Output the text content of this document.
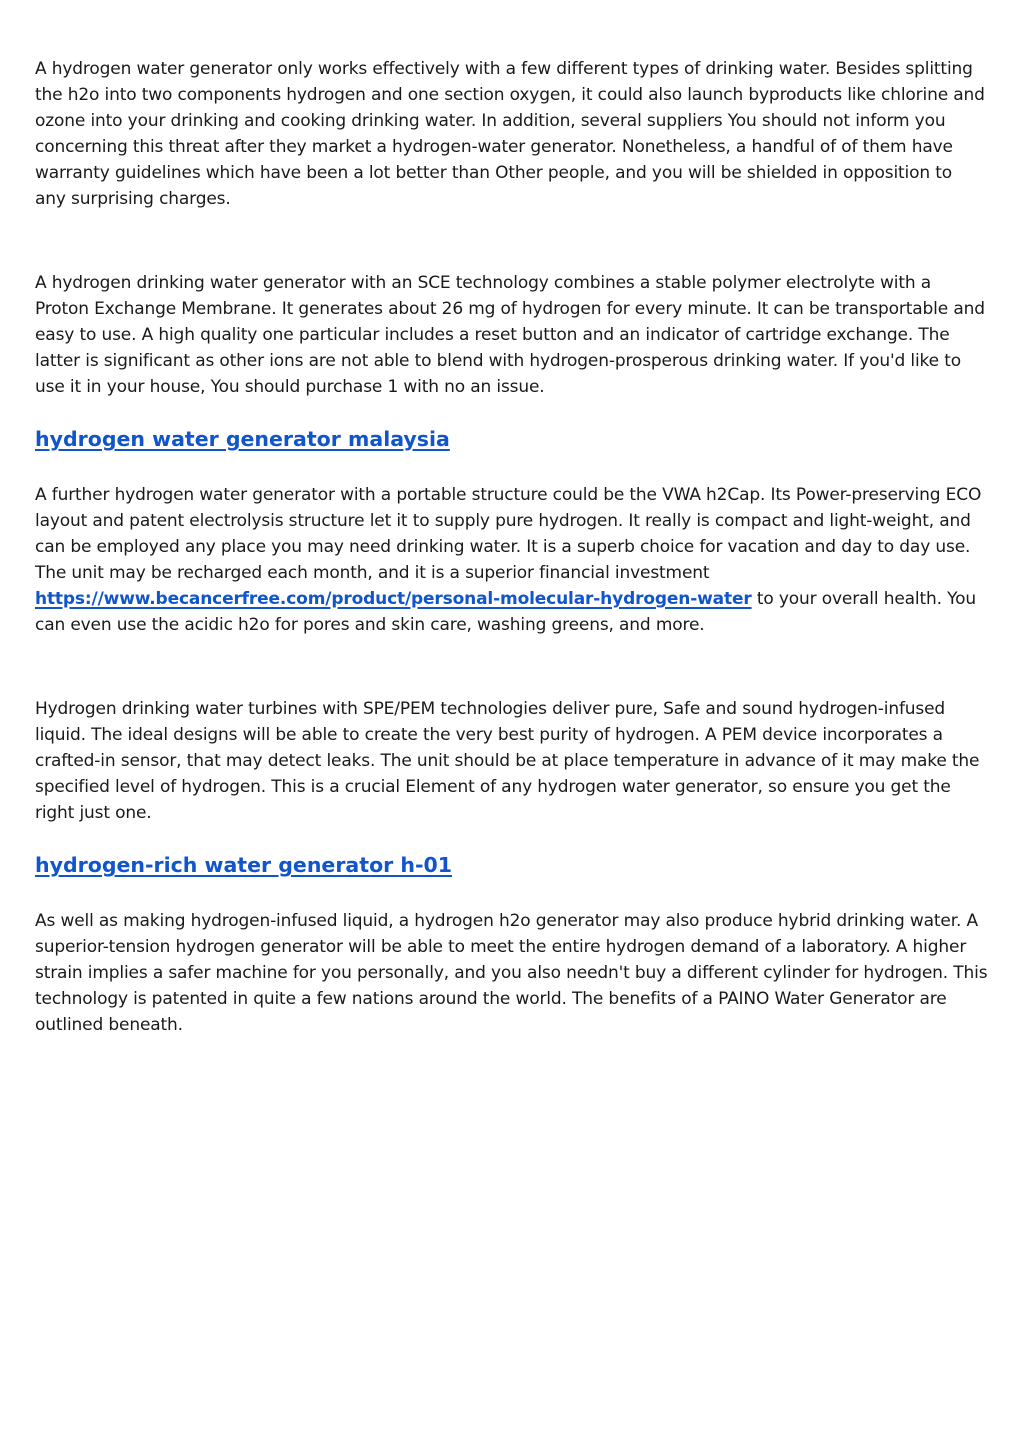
A hydrogen water generator only works effectively with a few different types of drinking water. Besides splitting the h2o into two components hydrogen and one section oxygen, it could also launch byproducts like chlorine and ozone into your drinking and cooking drinking water. In addition, several suppliers You should not inform you concerning this threat after they market a hydrogen-water generator. Nonetheless, a handful of of them have warranty guidelines which have been a lot better than Other people, and you will be shielded in opposition to any surprising charges.

A hydrogen drinking water generator with an SCE technology combines a stable polymer electrolyte with a Proton Exchange Membrane. It generates about 26 mg of hydrogen for every minute. It can be transportable and easy to use. A high quality one particular includes a reset button and an indicator of cartridge exchange. The latter is significant as other ions are not able to blend with hydrogen-prosperous drinking water. If you'd like to use it in your house, You should purchase 1 with no an issue.

hydrogen water generator malaysia

A further hydrogen water generator with a portable structure could be the VWA h2Cap. Its Power-preserving ECO layout and patent electrolysis structure let it to supply pure hydrogen. It really is compact and light-weight, and can be employed any place you may need drinking water. It is a superb choice for vacation and day to day use. The unit may be recharged each month, and it is a superior financial investment https://www.becancerfree.com/product/personal-molecular-hydrogen-water to your overall health. You can even use the acidic h2o for pores and skin care, washing greens, and more.

Hydrogen drinking water turbines with SPE/PEM technologies deliver pure, Safe and sound hydrogen-infused liquid. The ideal designs will be able to create the very best purity of hydrogen. A PEM device incorporates a crafted-in sensor, that may detect leaks. The unit should be at place temperature in advance of it may make the specified level of hydrogen. This is a crucial Element of any hydrogen water generator, so ensure you get the right just one.

hydrogen-rich water generator h-01

As well as making hydrogen-infused liquid, a hydrogen h2o generator may also produce hybrid drinking water. A superior-tension hydrogen generator will be able to meet the entire hydrogen demand of a laboratory. A higher strain implies a safer machine for you personally, and you also needn't buy a different cylinder for hydrogen. This technology is patented in quite a few nations around the world. The benefits of a PAINO Water Generator are outlined beneath.
